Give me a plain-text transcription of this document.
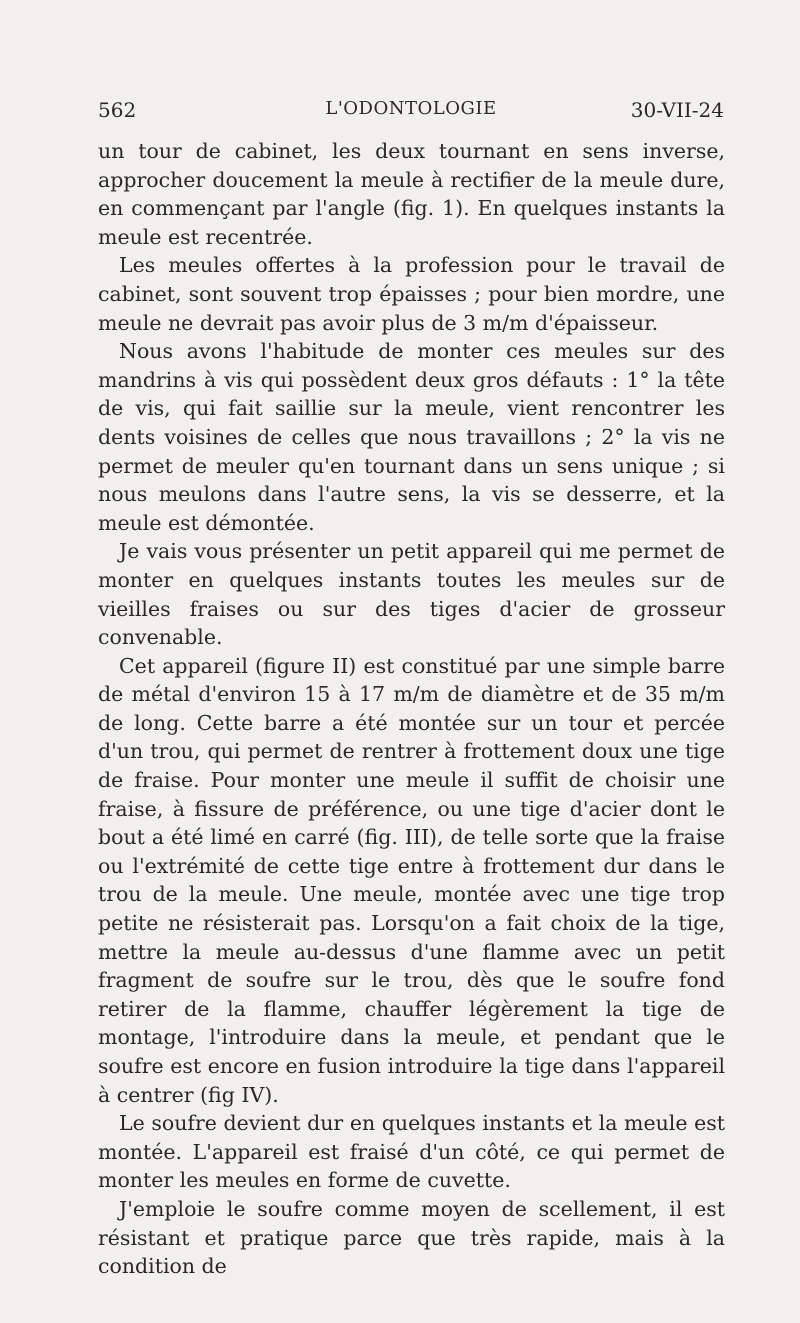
562	L'ODONTOLOGIE	30-VII-24

un tour de cabinet, les deux tournant en sens inverse, approcher doucement la meule à rectifier de la meule dure, en commençant par l'angle (fig. 1). En quelques instants la meule est recentrée.

Les meules offertes à la profession pour le travail de cabinet, sont souvent trop épaisses ; pour bien mordre, une meule ne devrait pas avoir plus de 3 m/m d'épaisseur.

Nous avons l'habitude de monter ces meules sur des mandrins à vis qui possèdent deux gros défauts : 1° la tête de vis, qui fait saillie sur la meule, vient rencontrer les dents voisines de celles que nous travaillons ; 2° la vis ne permet de meuler qu'en tournant dans un sens unique ; si nous meulons dans l'autre sens, la vis se desserre, et la meule est démontée.

Je vais vous présenter un petit appareil qui me permet de monter en quelques instants toutes les meules sur de vieilles fraises ou sur des tiges d'acier de grosseur convenable.

Cet appareil (figure II) est constitué par une simple barre de métal d'environ 15 à 17 m/m de diamètre et de 35 m/m de long. Cette barre a été montée sur un tour et percée d'un trou, qui permet de rentrer à frottement doux une tige de fraise. Pour monter une meule il suffit de choisir une fraise, à fissure de préférence, ou une tige d'acier dont le bout a été limé en carré (fig. III), de telle sorte que la fraise ou l'extrémité de cette tige entre à frottement dur dans le trou de la meule. Une meule, montée avec une tige trop petite ne résisterait pas. Lorsqu'on a fait choix de la tige, mettre la meule au-dessus d'une flamme avec un petit fragment de soufre sur le trou, dès que le soufre fond retirer de la flamme, chauffer légèrement la tige de montage, l'introduire dans la meule, et pendant que le soufre est encore en fusion introduire la tige dans l'appareil à centrer (fig IV).

Le soufre devient dur en quelques instants et la meule est montée. L'appareil est fraisé d'un côté, ce qui permet de monter les meules en forme de cuvette.

J'emploie le soufre comme moyen de scellement, il est résistant et pratique parce que très rapide, mais à la condition de
